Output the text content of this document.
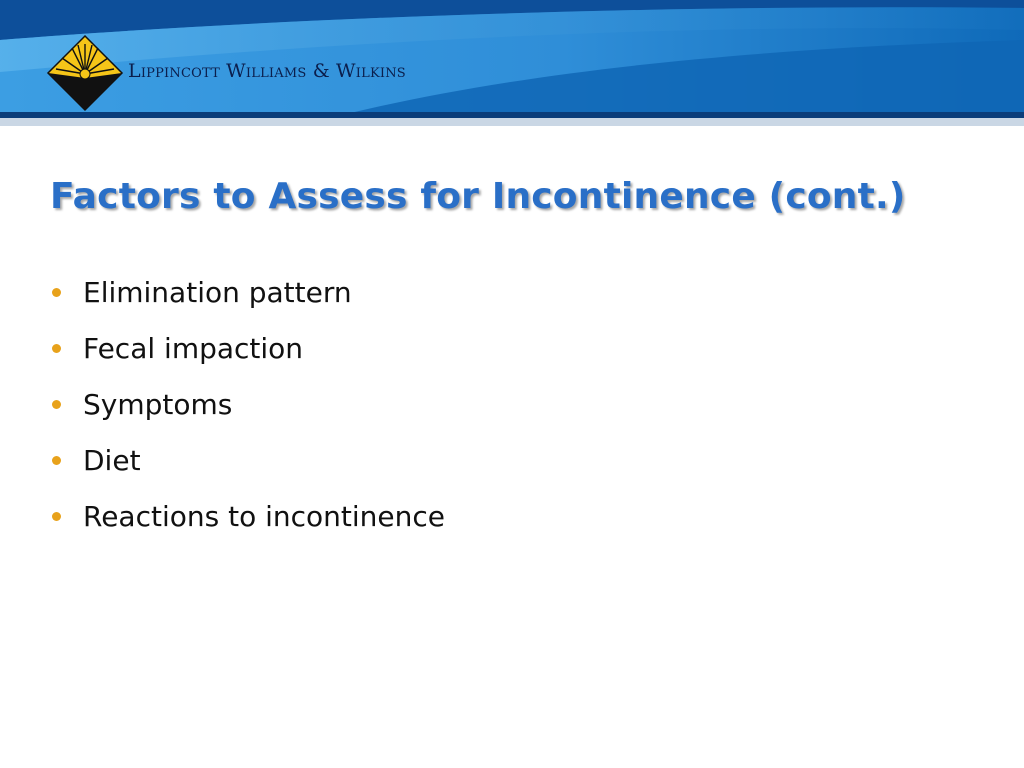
Lippincott Williams & Wilkins
Factors to Assess for Incontinence (cont.)
Elimination pattern
Fecal impaction
Symptoms
Diet
Reactions to incontinence
